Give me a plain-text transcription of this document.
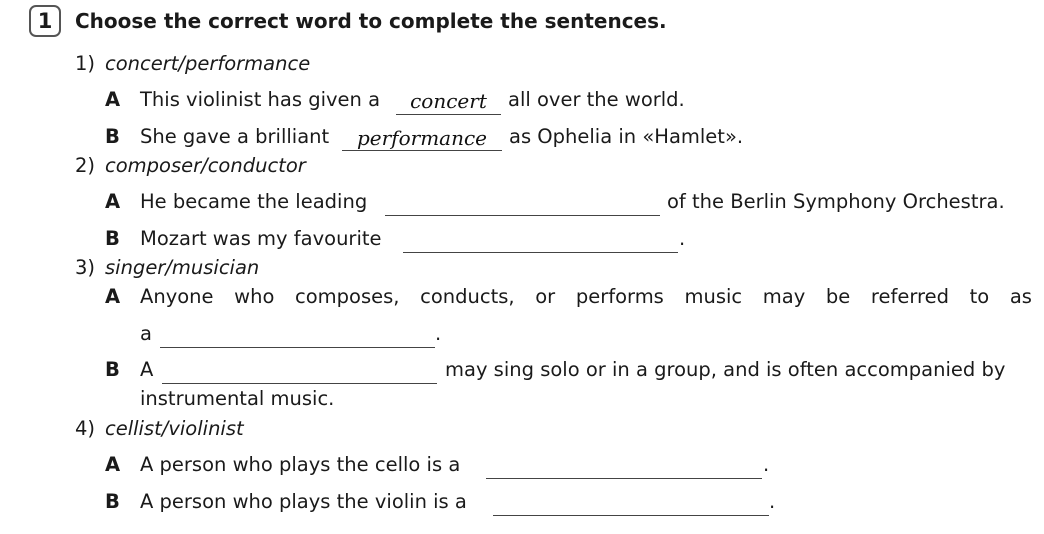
1	Choose the correct word to complete the sentences.
1) concert/performance
A This violinist has given a	concert	all over the world.
B She gave a brilliant	performance	as Ophelia in «Hamlet».
2) composer/conductor
A He became the leading	of the Berlin Symphony Orchestra.
B Mozart was my favourite	.
3) singer/musician
A Anyone who composes, conducts, or performs music may be referred to as
a	.
B A	may sing solo or in a group, and is often accompanied by
instrumental music.
4) cellist/violinist
A A person who plays the cello is a	.
B A person who plays the violin is a	.
